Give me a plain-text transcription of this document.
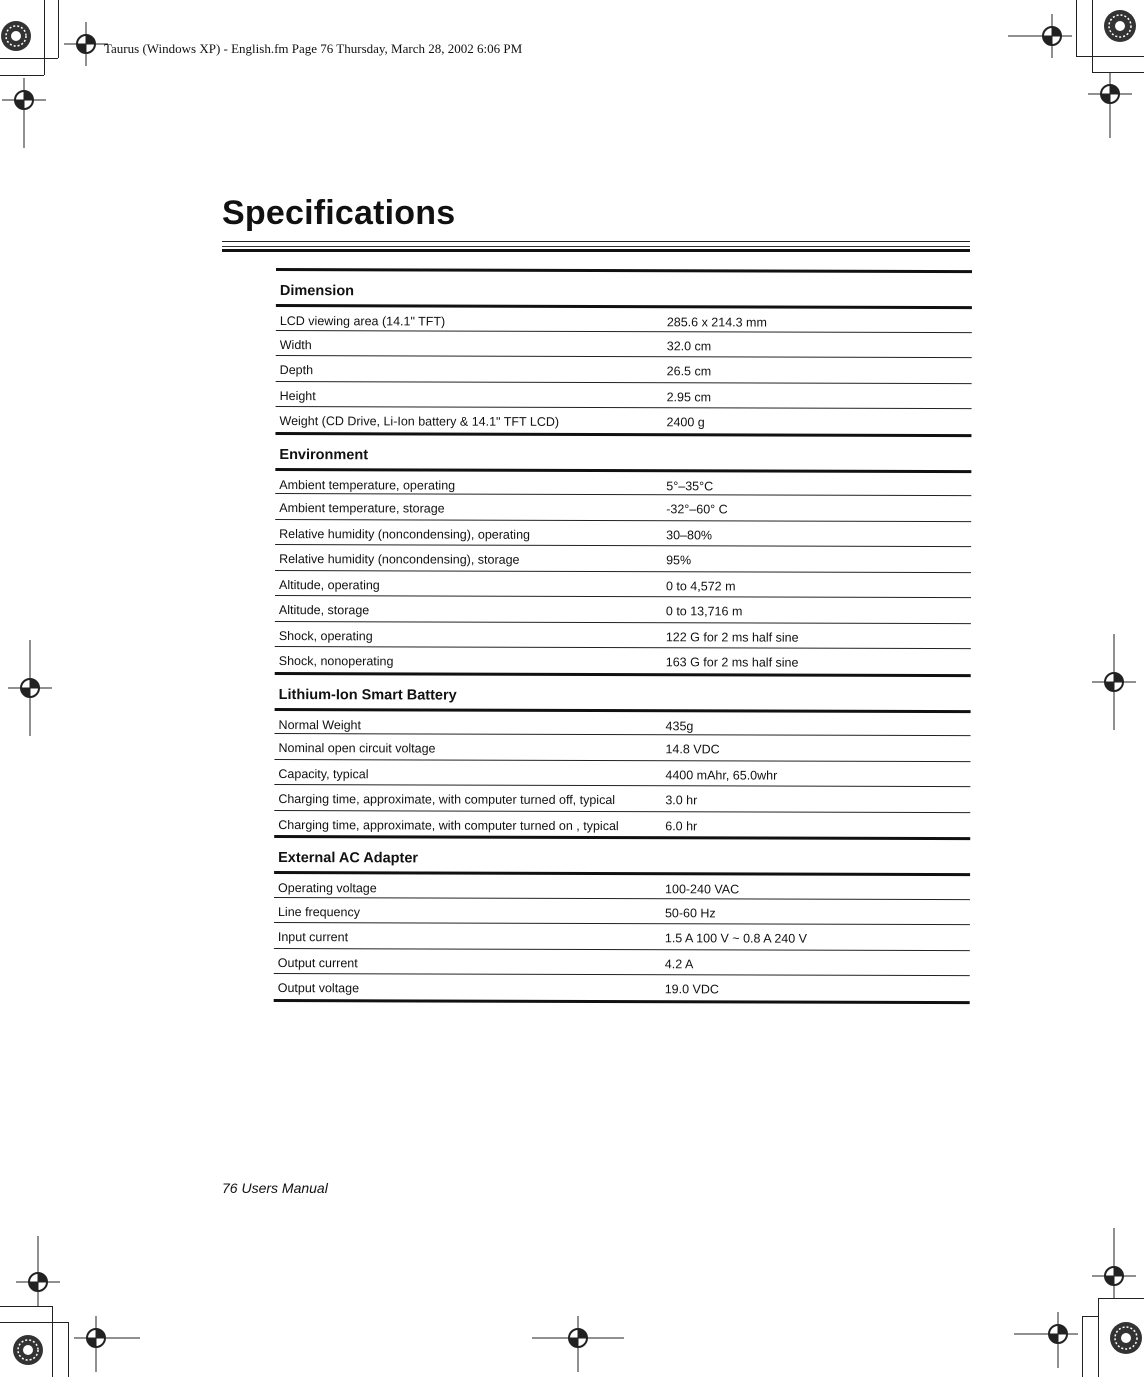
Taurus (Windows XP) - English.fm Page 76 Thursday, March 28, 2002 6:06 PM
Specifications
Dimension
LCD viewing area (14.1" TFT)	285.6 x 214.3 mm
Width	32.0 cm
Depth	26.5 cm
Height	2.95 cm
Weight (CD Drive, Li-Ion battery & 14.1" TFT LCD)	2400 g
Environment
Ambient temperature, operating	5°–35°C
Ambient temperature, storage	-32°–60° C
Relative humidity (noncondensing), operating	30–80%
Relative humidity (noncondensing), storage	95%
Altitude, operating	0 to 4,572 m
Altitude, storage	0 to 13,716 m
Shock, operating	122 G for 2 ms half sine
Shock, nonoperating	163 G for 2 ms half sine
Lithium-Ion Smart Battery
Normal Weight	435g
Nominal open circuit voltage	14.8 VDC
Capacity, typical	4400 mAhr, 65.0whr
Charging time, approximate, with computer turned off, typical	3.0 hr
Charging time, approximate, with computer turned on , typical	6.0 hr
External AC Adapter
Operating voltage	100-240 VAC
Line frequency	50-60 Hz
Input current	1.5 A 100 V ~ 0.8 A 240 V
Output current	4.2 A
Output voltage	19.0 VDC
76 Users Manual
